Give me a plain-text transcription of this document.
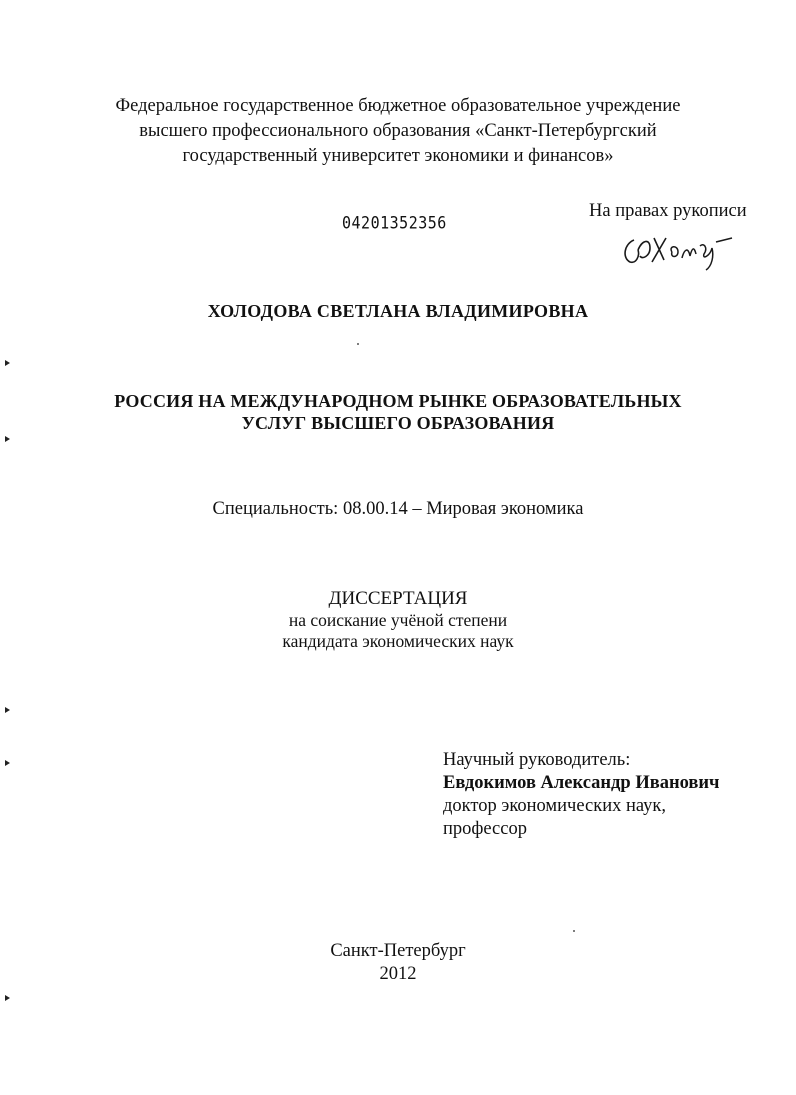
Федеральное государственное бюджетное образовательное учреждение
высшего профессионального образования «Санкт-Петербургский
государственный университет экономики и финансов»
04201352356
На правах рукописи
ХОЛОДОВА СВЕТЛАНА ВЛАДИМИРОВНА
РОССИЯ НА МЕЖДУНАРОДНОМ РЫНКЕ ОБРАЗОВАТЕЛЬНЫХ
УСЛУГ ВЫСШЕГО ОБРАЗОВАНИЯ
Специальность: 08.00.14 – Мировая экономика
ДИССЕРТАЦИЯ
на соискание учёной степени
кандидата экономических наук
Научный руководитель:
Евдокимов Александр Иванович
доктор экономических наук,
профессор
Санкт-Петербург
2012
